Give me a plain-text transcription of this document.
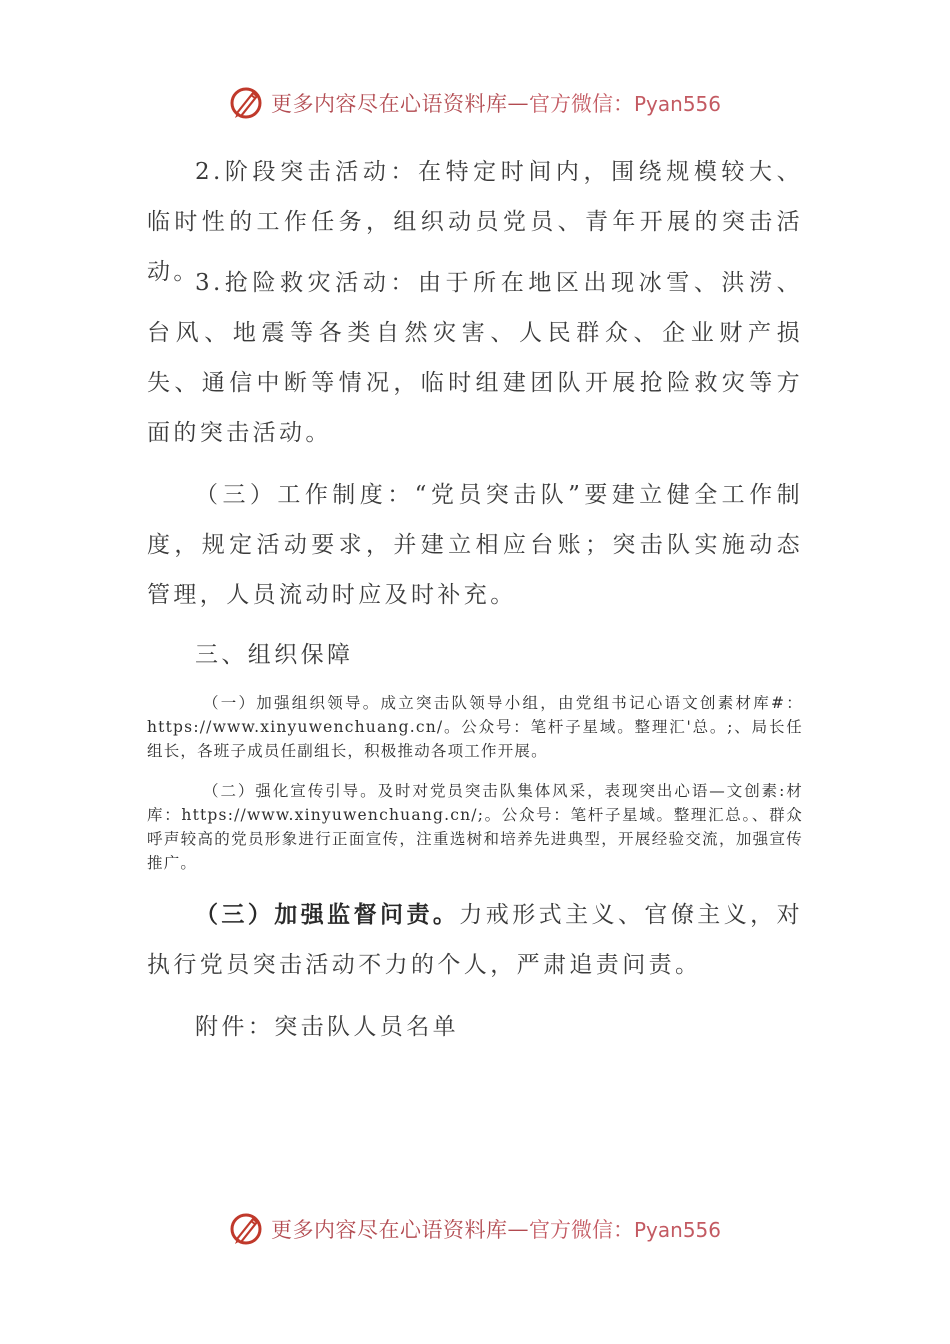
更多内容尽在心语资料库 — 官方微信：Pyan556

2.阶段突击活动：在特定时间内，围绕规模较大、临时性的工作任务，组织动员党员、青年开展的突击活动。

3.抢险救灾活动：由于所在地区出现冰雪、洪涝、台风、地震等各类自然灾害、人民群众、企业财产损失、通信中断等情况，临时组建团队开展抢险救灾等方面的突击活动。

（三）工作制度：“党员突击队”要建立健全工作制度，规定活动要求，并建立相应台账；突击队实施动态管理，人员流动时应及时补充。

三、组织保障

（一）加强组织领导。成立突击队领导小组，由党组书记心语文创素材库#：https://www.xinyuwenchuang.cn/。公众号：笔杆子星域。整理汇'总。;、局长任组长，各班子成员任副组长，积极推动各项工作开展。

（二）强化宣传引导。及时对党员突击队集体风采，表现突出心语—文创素:材库：https://www.xinyuwenchuang.cn/;。公众号：笔杆子星域。整理汇总。、群众呼声较高的党员形象进行正面宣传，注重选树和培养先进典型，开展经验交流，加强宣传推广。

（三）加强监督问责。力戒形式主义、官僚主义，对执行党员突击活动不力的个人，严肃追责问责。

附件：突击队人员名单

更多内容尽在心语资料库 — 官方微信：Pyan556
